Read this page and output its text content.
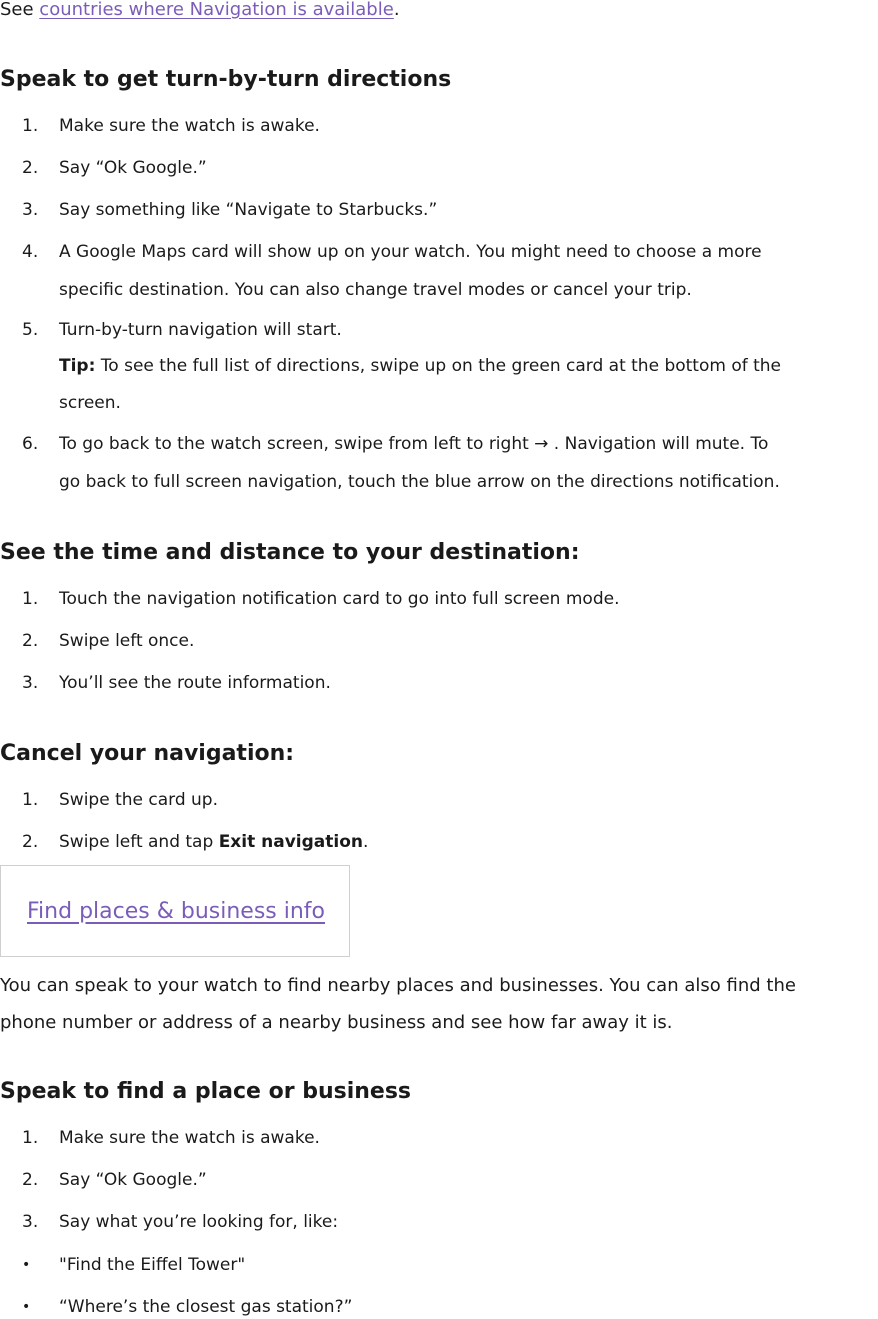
See countries where Navigation is available.
Speak to get turn-by-turn directions
1. Make sure the watch is awake.
2. Say “Ok Google.”
3. Say something like “Navigate to Starbucks.”
4. A Google Maps card will show up on your watch. You might need to choose a more
specific destination. You can also change travel modes or cancel your trip.
5. Turn-by-turn navigation will start.
Tip: To see the full list of directions, swipe up on the green card at the bottom of the
screen.
6. To go back to the watch screen, swipe from left to right → . Navigation will mute. To
go back to full screen navigation, touch the blue arrow on the directions notification.
See the time and distance to your destination:
1. Touch the navigation notification card to go into full screen mode.
2. Swipe left once.
3. You’ll see the route information.
Cancel your navigation:
1. Swipe the card up.
2. Swipe left and tap Exit navigation.
Find places & business info
You can speak to your watch to find nearby places and businesses. You can also find the
phone number or address of a nearby business and see how far away it is.
Speak to find a place or business
1. Make sure the watch is awake.
2. Say “Ok Google.”
3. Say what you’re looking for, like:
• "Find the Eiffel Tower"
• “Where’s the closest gas station?”
